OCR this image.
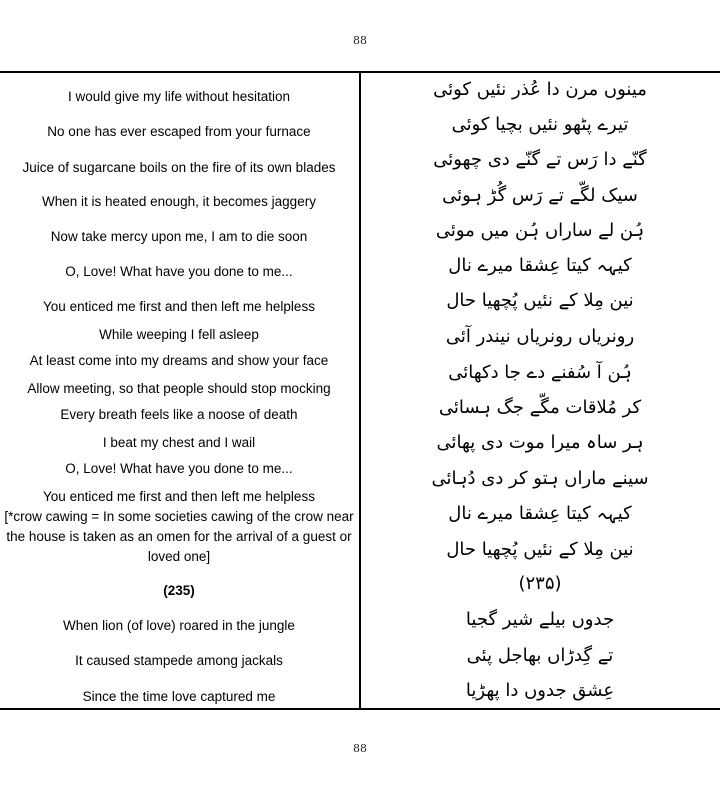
88
I would give my life without hesitation
No one has ever escaped from your furnace
Juice of sugarcane boils on the fire of its own blades
When it is heated enough, it becomes jaggery
Now take mercy upon me, I am to die soon
O, Love! What have you done to me...
You enticed me first and then left me helpless
While weeping I fell asleep
At least come into my dreams and show your face
Allow meeting, so that people should stop mocking
Every breath feels like a noose of death
I beat my chest and I wail
O, Love! What have you done to me...
You enticed me first and then left me helpless
[*crow cawing = In some societies cawing of the crow near the house is taken as an omen for the arrival of a guest or loved one]
(235)
When lion (of love) roared in the jungle
It caused stampede among jackals
Since the time love captured me
مینوں مرن دا عُذر نئیں کوئی
تیرے پٹھو نئیں بچیا کوئی
گنّے دا رَس تے گنّے دی چھوئی
سیک لگّے تے رَس گُڑ ہوئی
ہُن لے ساراں ہُن میں موئی
کیہہ کیتا عِشقا میرے نال
نین مِلا کے نئیں پُچھیا حال
رونریاں رونریاں نیندر آئی
ہُن آ سُفنے دے جا دکھائی
کر مُلاقات مگّے جگ ہسائی
ہر ساہ میرا موت دی پھائی
سینے ماراں ہتو کر دی دُہائی
کیہہ کیتا عِشقا میرے نال
نین مِلا کے نئیں پُچھیا حال
(۲۳۵)
جدوں بیلے شیر گجیا
تے گِدڑاں بھاجل پئی
عِشق جدوں دا پھڑیا
88
